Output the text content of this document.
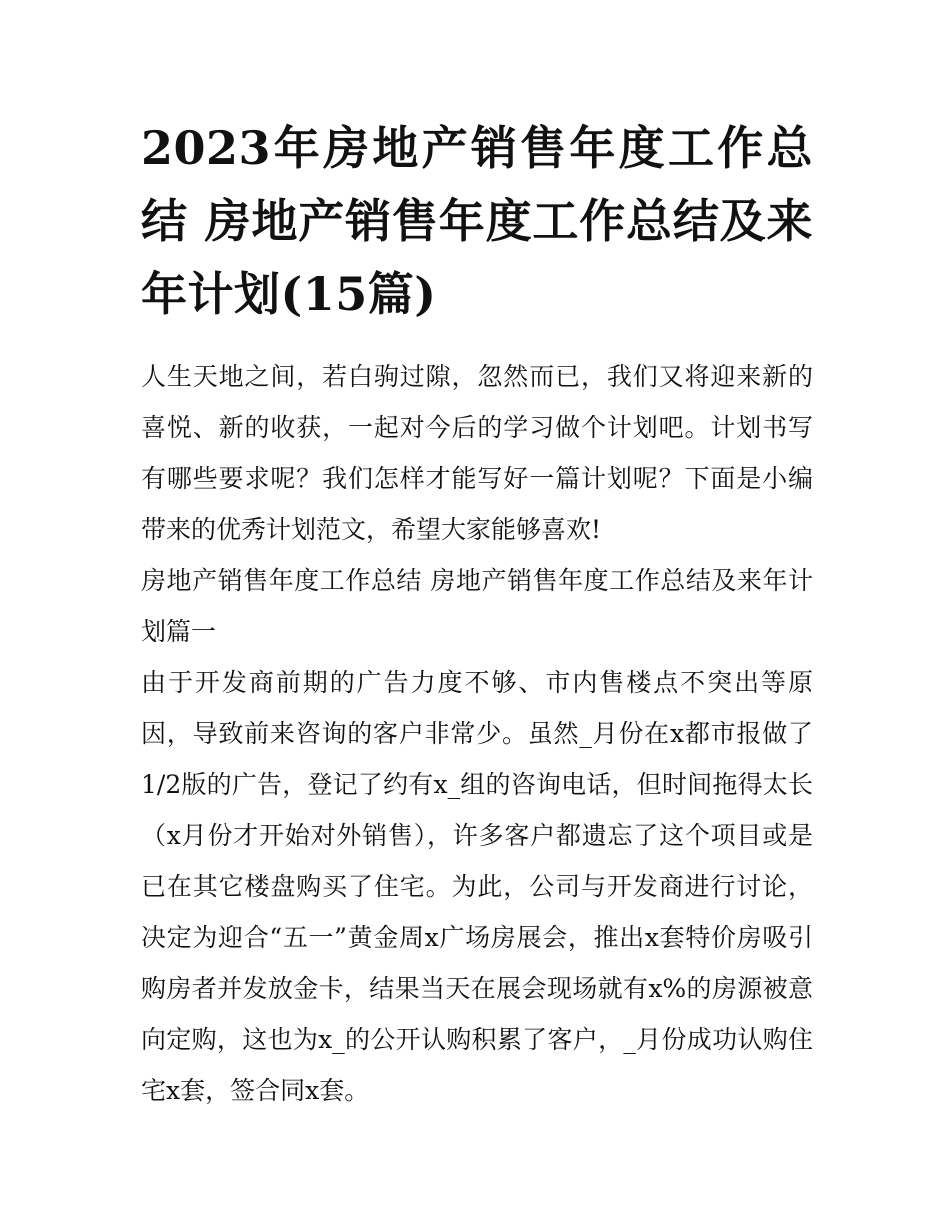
2023年房地产销售年度工作总结 房地产销售年度工作总结及来年计划(15篇)

人生天地之间，若白驹过隙，忽然而已，我们又将迎来新的喜悦、新的收获，一起对今后的学习做个计划吧。计划书写有哪些要求呢？我们怎样才能写好一篇计划呢？下面是小编带来的优秀计划范文，希望大家能够喜欢!

房地产销售年度工作总结 房地产销售年度工作总结及来年计划篇一

由于开发商前期的广告力度不够、市内售楼点不突出等原因，导致前来咨询的客户非常少。虽然_月份在x都市报做了1/2版的广告，登记了约有x_组的咨询电话，但时间拖得太长（x月份才开始对外销售），许多客户都遗忘了这个项目或是已在其它楼盘购买了住宅。为此，公司与开发商进行讨论，决定为迎合“五一”黄金周x广场房展会，推出x套特价房吸引购房者并发放金卡，结果当天在展会现场就有x%的房源被意向定购，这也为x_的公开认购积累了客户，_月份成功认购住宅x套，签合同x套。
